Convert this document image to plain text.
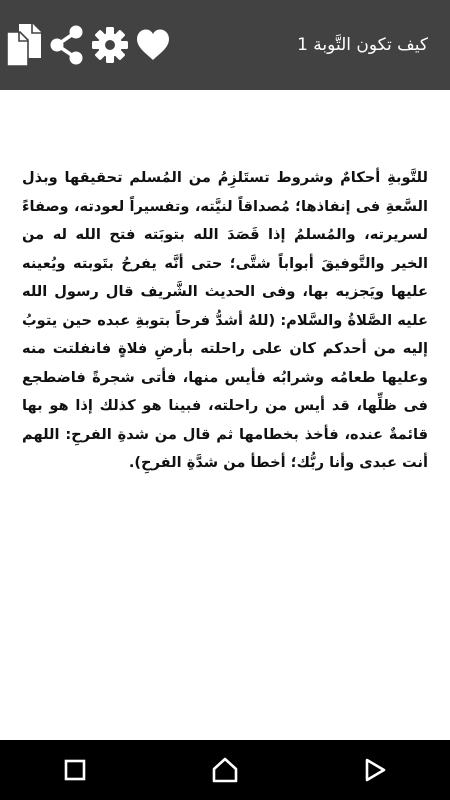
كيف تكون التَّوبة 1
للتَّوبةِ أحكامٌ وشروط تستَلزِمُ من المُسلم تحقيقها وبذل السَّعةِ فى إنفاذها؛ مُصداقاً لنيَّته، وتفسيراً لعودته، وصفاءً لسريرته، والمُسلمُ إذا قَصَدَ الله بتوبَته فتح الله له من الخير والتَّوفيقَ أبواباً شتَّى؛ حتى أنَّه يفرحُ بتَوبته ويُعينه عليها ويَجزيه بها، وفى الحديث الشَّريف قال رسول الله عليه الصَّلاةُ والسَّلام: (للهُ أشدُّ فرحاً بتوبةِ عبده حين يتوبُ إليه من أحدكم كان على راحلته بأرضِ فلاةٍ فانفلتت منه وعليها طعامُه وشرابُه فأيس منها، فأتى شجرةً فاضطجع فى ظلِّها، قد أيس من راحلته، فبينا هو كذلك إذا هو بها قائمةٌ عنده، فأخذ بخطامها ثم قال من شدةِ الفرحِ: اللهم أنت عبدى وأنا ربُّك؛ أخطأ من شدَّةِ الفرحِ).
